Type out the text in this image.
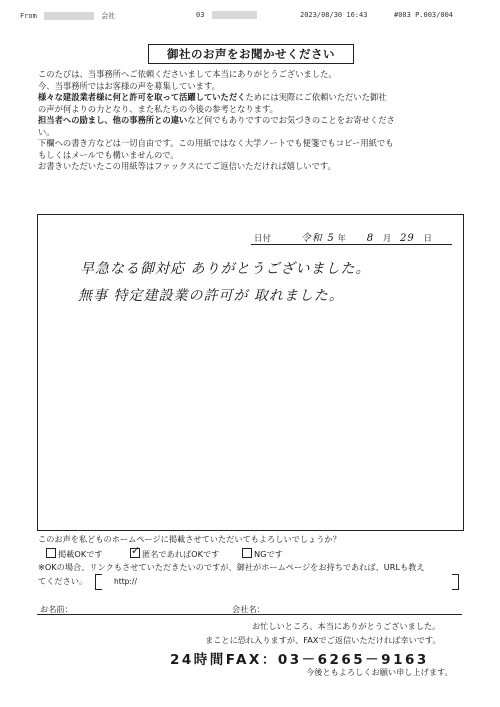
From	会社	03	2023/08/30 16:43	#003 P.003/004
御社のお声をお聞かせください
このたびは、当事務所へご依頼くださいまして本当にありがとうございました。
今、当事務所ではお客様の声を募集しています。
様々な建設業者様に何と許可を取って活躍していただくためには実際にご依頼いただいた御社
の声が何よりの力となり、また私たちの今後の参考となります。
担当者への励まし、他の事務所との違いなど何でもありですのでお気づきのことをお寄せくださ
い。
下欄への書き方などは一切自由です。この用紙ではなく大学ノートでも便箋でもコピー用紙でも
もしくはメールでも構いませんので。
お書きいただいたこの用紙等はファックスにてご返信いただければ嬉しいです。
日付	令和 5 年 8 月 29 日
早急なる御対応 ありがとうございました。
無事 特定建設業の許可が 取れました。
このお声を私どものホームページに掲載させていただいてもよろしいでしょうか？
掲載OKです
✓	匿名であればOKです	NGです
※OKの場合、リンクもさせていただきたいのですが、御社がホームページをお持ちであれば、URLも教え
てください。	http://
お名前：	会社名：
お忙しいところ、本当にありがとうございました。
まことに恐れ入りますが、FAXでご返信いただければ幸いです。
24時間FAX：03－6265－9163
今後ともよろしくお願い申し上げます。
